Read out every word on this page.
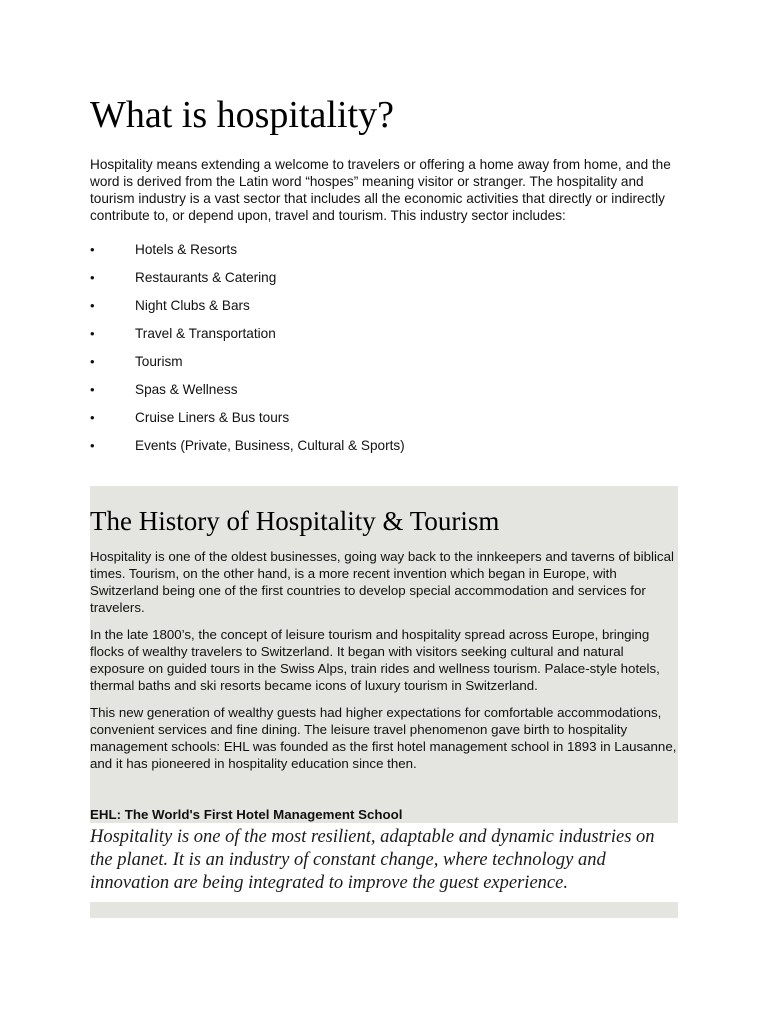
What is hospitality?

Hospitality means extending a welcome to travelers or offering a home away from home, and the word is derived from the Latin word “hospes” meaning visitor or stranger. The hospitality and tourism industry is a vast sector that includes all the economic activities that directly or indirectly contribute to, or depend upon, travel and tourism. This industry sector includes:

•	Hotels & Resorts
•	Restaurants & Catering
•	Night Clubs & Bars
•	Travel & Transportation
•	Tourism
•	Spas & Wellness
•	Cruise Liners & Bus tours
•	Events (Private, Business, Cultural & Sports)
The History of Hospitality & Tourism

Hospitality is one of the oldest businesses, going way back to the innkeepers and taverns of biblical times. Tourism, on the other hand, is a more recent invention which began in Europe, with Switzerland being one of the first countries to develop special accommodation and services for travelers.

In the late 1800’s, the concept of leisure tourism and hospitality spread across Europe, bringing flocks of wealthy travelers to Switzerland. It began with visitors seeking cultural and natural exposure on guided tours in the Swiss Alps, train rides and wellness tourism. Palace-style hotels, thermal baths and ski resorts became icons of luxury tourism in Switzerland.

This new generation of wealthy guests had higher expectations for comfortable accommodations, convenient services and fine dining. The leisure travel phenomenon gave birth to hospitality management schools: EHL was founded as the first hotel management school in 1893 in Lausanne, and it has pioneered in hospitality education since then.

EHL: The World's First Hotel Management School
Hospitality is one of the most resilient, adaptable and dynamic industries on the planet. It is an industry of constant change, where technology and innovation are being integrated to improve the guest experience.
